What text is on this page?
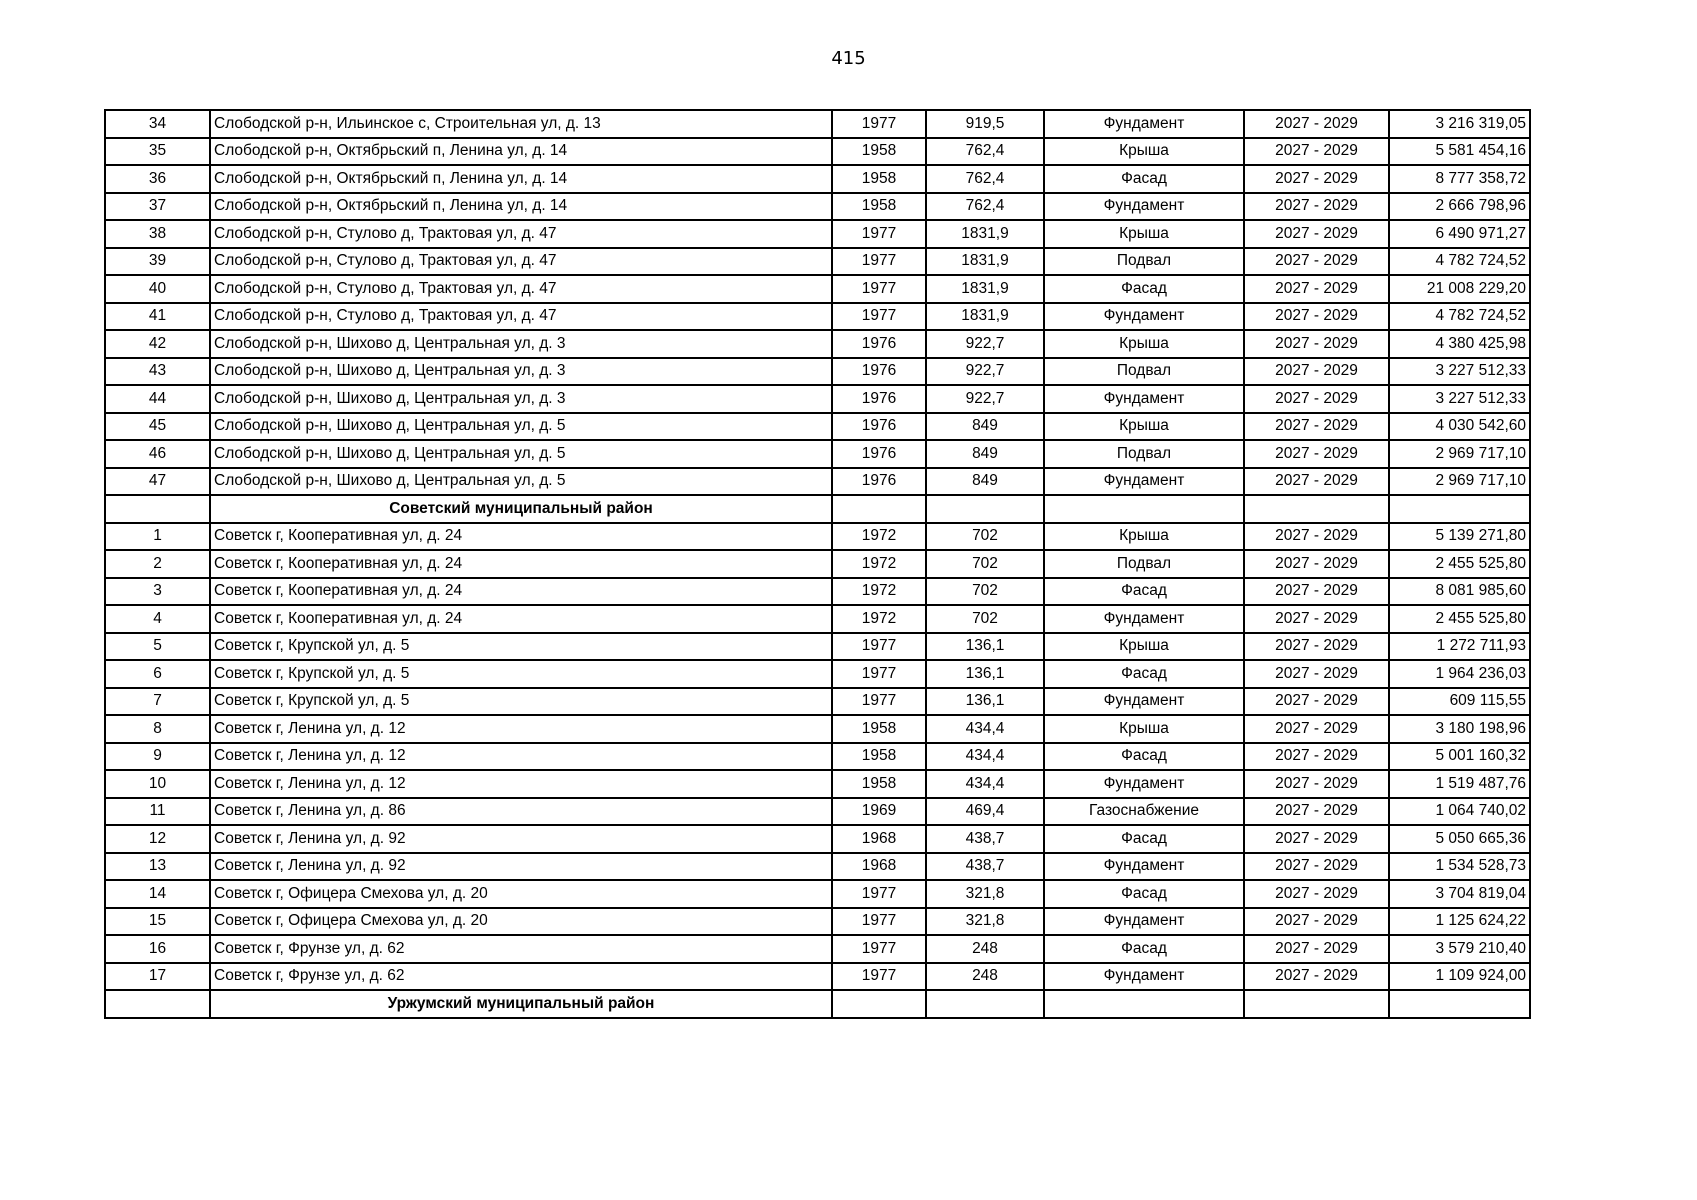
415
34	Слободской р-н, Ильинское с, Строительная ул, д. 13	1977	919,5	Фундамент	2027 - 2029	3 216 319,05
35	Слободской р-н, Октябрьский п, Ленина ул, д. 14	1958	762,4	Крыша	2027 - 2029	5 581 454,16
36	Слободской р-н, Октябрьский п, Ленина ул, д. 14	1958	762,4	Фасад	2027 - 2029	8 777 358,72
37	Слободской р-н, Октябрьский п, Ленина ул, д. 14	1958	762,4	Фундамент	2027 - 2029	2 666 798,96
38	Слободской р-н, Стулово д, Трактовая ул, д. 47	1977	1831,9	Крыша	2027 - 2029	6 490 971,27
39	Слободской р-н, Стулово д, Трактовая ул, д. 47	1977	1831,9	Подвал	2027 - 2029	4 782 724,52
40	Слободской р-н, Стулово д, Трактовая ул, д. 47	1977	1831,9	Фасад	2027 - 2029	21 008 229,20
41	Слободской р-н, Стулово д, Трактовая ул, д. 47	1977	1831,9	Фундамент	2027 - 2029	4 782 724,52
42	Слободской р-н, Шихово д, Центральная ул, д. 3	1976	922,7	Крыша	2027 - 2029	4 380 425,98
43	Слободской р-н, Шихово д, Центральная ул, д. 3	1976	922,7	Подвал	2027 - 2029	3 227 512,33
44	Слободской р-н, Шихово д, Центральная ул, д. 3	1976	922,7	Фундамент	2027 - 2029	3 227 512,33
45	Слободской р-н, Шихово д, Центральная ул, д. 5	1976	849	Крыша	2027 - 2029	4 030 542,60
46	Слободской р-н, Шихово д, Центральная ул, д. 5	1976	849	Подвал	2027 - 2029	2 969 717,10
47	Слободской р-н, Шихово д, Центральная ул, д. 5	1976	849	Фундамент	2027 - 2029	2 969 717,10
	Советский муниципальный район					
1	Советск г, Кооперативная ул, д. 24	1972	702	Крыша	2027 - 2029	5 139 271,80
2	Советск г, Кооперативная ул, д. 24	1972	702	Подвал	2027 - 2029	2 455 525,80
3	Советск г, Кооперативная ул, д. 24	1972	702	Фасад	2027 - 2029	8 081 985,60
4	Советск г, Кооперативная ул, д. 24	1972	702	Фундамент	2027 - 2029	2 455 525,80
5	Советск г, Крупской ул, д. 5	1977	136,1	Крыша	2027 - 2029	1 272 711,93
6	Советск г, Крупской ул, д. 5	1977	136,1	Фасад	2027 - 2029	1 964 236,03
7	Советск г, Крупской ул, д. 5	1977	136,1	Фундамент	2027 - 2029	609 115,55
8	Советск г, Ленина ул, д. 12	1958	434,4	Крыша	2027 - 2029	3 180 198,96
9	Советск г, Ленина ул, д. 12	1958	434,4	Фасад	2027 - 2029	5 001 160,32
10	Советск г, Ленина ул, д. 12	1958	434,4	Фундамент	2027 - 2029	1 519 487,76
11	Советск г, Ленина ул, д. 86	1969	469,4	Газоснабжение	2027 - 2029	1 064 740,02
12	Советск г, Ленина ул, д. 92	1968	438,7	Фасад	2027 - 2029	5 050 665,36
13	Советск г, Ленина ул, д. 92	1968	438,7	Фундамент	2027 - 2029	1 534 528,73
14	Советск г, Офицера Смехова ул, д. 20	1977	321,8	Фасад	2027 - 2029	3 704 819,04
15	Советск г, Офицера Смехова ул, д. 20	1977	321,8	Фундамент	2027 - 2029	1 125 624,22
16	Советск г, Фрунзе ул, д. 62	1977	248	Фасад	2027 - 2029	3 579 210,40
17	Советск г, Фрунзе ул, д. 62	1977	248	Фундамент	2027 - 2029	1 109 924,00
	Уржумский муниципальный район					
